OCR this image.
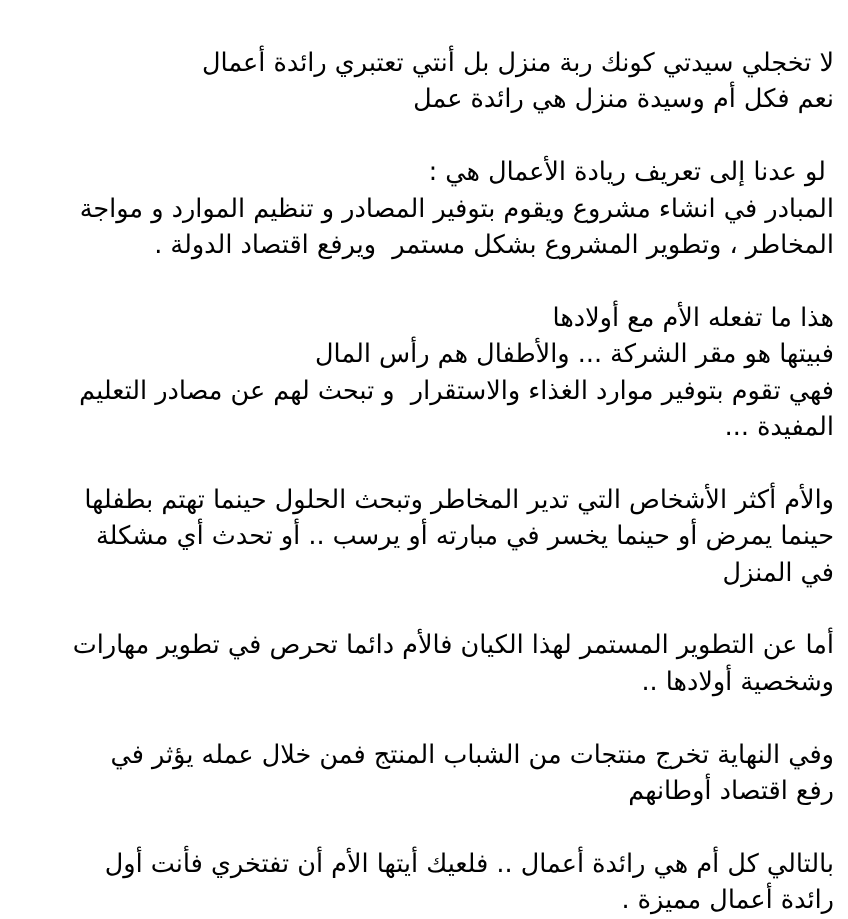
لا تخجلي سيدتي كونك ربة منزل بل أنتي تعتبري رائدة أعمال
نعم فكل أم وسيدة منزل هي رائدة عمل

لو عدنا إلى تعريف ريادة الأعمال هي :
المبادر في انشاء مشروع ويقوم بتوفير المصادر و تنظيم الموارد و مواجة
المخاطر ، وتطوير المشروع بشكل مستمر  ويرفع اقتصاد الدولة .

هذا ما تفعله الأم مع أولادها
فبيتها هو مقر الشركة ... والأطفال هم رأس المال
فهي تقوم بتوفير موارد الغذاء والاستقرار  و تبحث لهم عن مصادر التعليم
المفيدة ...

والأم أكثر الأشخاص التي تدير المخاطر وتبحث الحلول حينما تهتم بطفلها
حينما يمرض أو حينما يخسر في مبارته أو يرسب .. أو تحدث أي مشكلة
في المنزل

أما عن التطوير المستمر لهذا الكيان فالأم دائما تحرص في تطوير مهارات
وشخصية أولادها ..

وفي النهاية تخرج منتجات من الشباب المنتج فمن خلال عمله يؤثر في
رفع اقتصاد أوطانهم

بالتالي كل أم هي رائدة أعمال .. فلعيك أيتها الأم أن تفتخري فأنت أول
رائدة أعمال مميزة .
